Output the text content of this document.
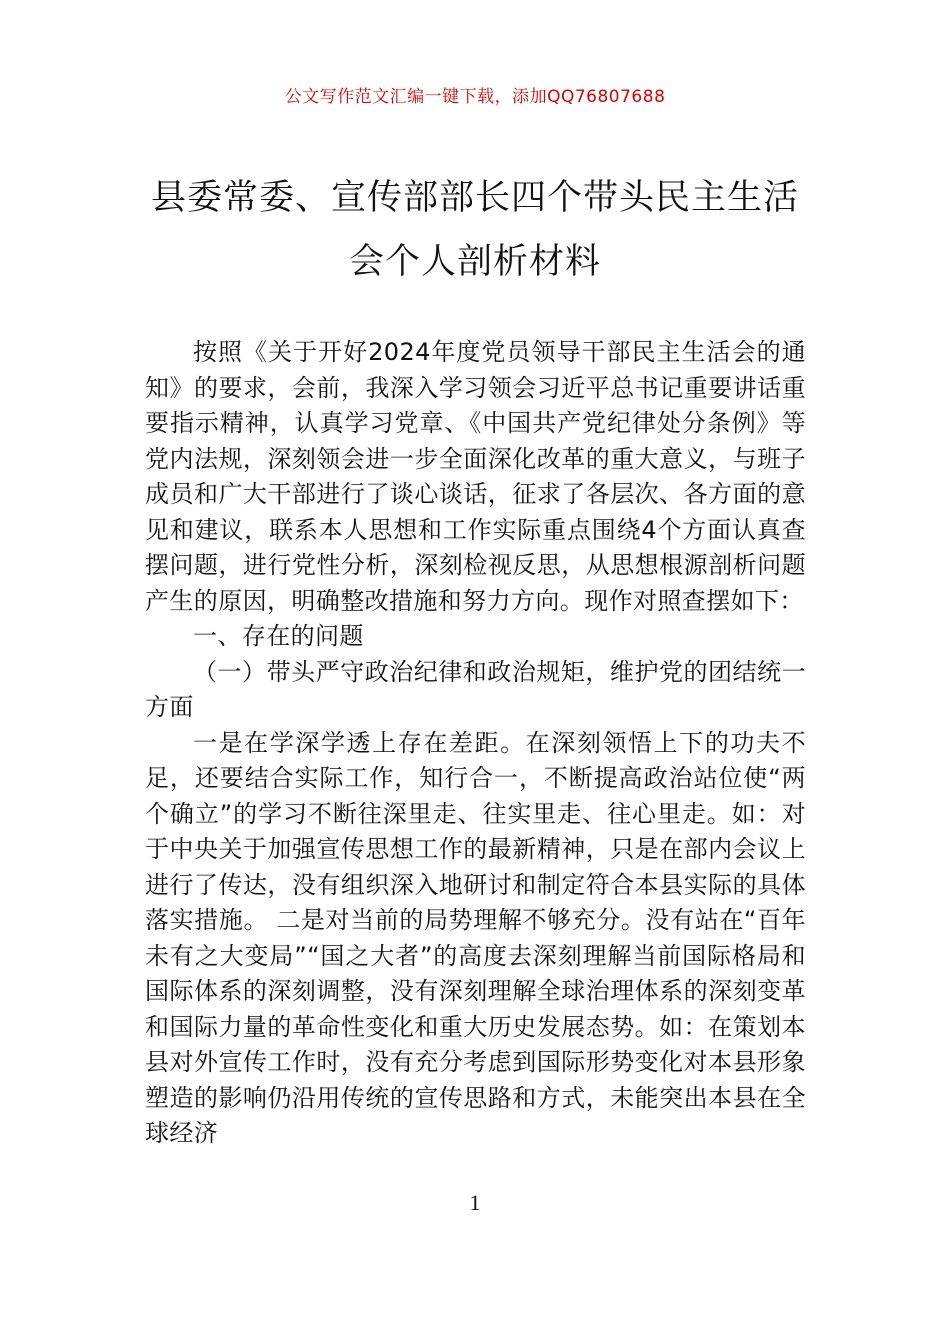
公文写作范文汇编一键下载，添加QQ76807688
县委常委、宣传部部长四个带头民主生活
会个人剖析材料

按照《关于开好2024年度党员领导干部民主生活会的通知》的要求，会前，我深入学习领会习近平总书记重要讲话重要指示精神，认真学习党章、《中国共产党纪律处分条例》等党内法规，深刻领会进一步全面深化改革的重大意义，与班子成员和广大干部进行了谈心谈话，征求了各层次、各方面的意见和建议，联系本人思想和工作实际重点围绕4个方面认真查摆问题，进行党性分析，深刻检视反思，从思想根源剖析问题产生的原因，明确整改措施和努力方向。现作对照查摆如下：

一、存在的问题

（一）带头严守政治纪律和政治规矩，维护党的团结统一方面

一是在学深学透上存在差距。在深刻领悟上下的功夫不足，还要结合实际工作，知行合一，不断提高政治站位使“两个确立”的学习不断往深里走、往实里走、往心里走。如：对于中央关于加强宣传思想工作的最新精神，只是在部内会议上进行了传达，没有组织深入地研讨和制定符合本县实际的具体落实措施。 二是对当前的局势理解不够充分。没有站在“百年未有之大变局”“国之大者”的高度去深刻理解当前国际格局和国际体系的深刻调整，没有深刻理解全球治理体系的深刻变革和国际力量的革命性变化和重大历史发展态势。如：在策划本县对外宣传工作时，没有充分考虑到国际形势变化对本县形象塑造的影响仍沿用传统的宣传思路和方式，未能突出本县在全球经济

1
